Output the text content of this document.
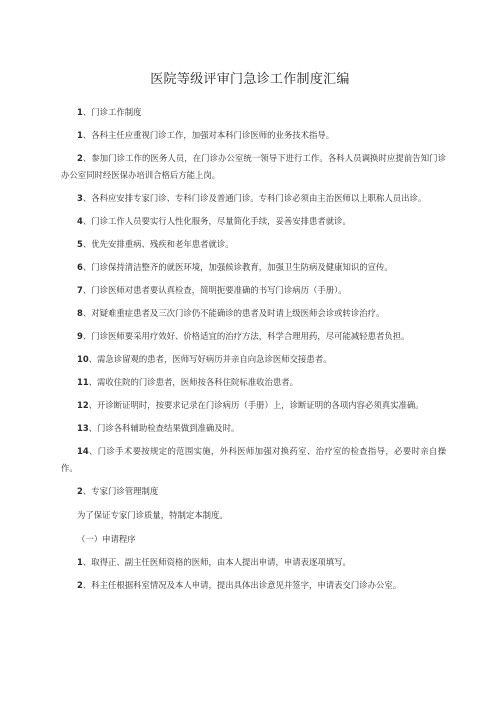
医院等级评审门急诊工作制度汇编

1、门诊工作制度

1、各科主任应重视门诊工作，加强对本科门诊医师的业务技术指导。

2、参加门诊工作的医务人员，在门诊办公室统一领导下进行工作。各科人员调换时应提前告知门诊办公室同时经医保办培训合格后方能上岗。

3、各科应安排专家门诊、专科门诊及普通门诊。专科门诊必须由主治医师以上职称人员出诊。

4、门诊工作人员要实行人性化服务，尽量简化手续，妥善安排患者就诊。

5、优先安排重病、残疾和老年患者就诊。

6、门诊保持清洁整齐的就医环境，加强候诊教育，加强卫生防病及健康知识的宣传。

7、门诊医师对患者要认真检查，简明扼要准确的书写门诊病历（手册）。

8、对疑难重症患者及三次门诊仍不能确诊的患者及时请上级医师会诊或转诊治疗。

9、门诊医师要采用疗效好、价格适宜的治疗方法，科学合理用药，尽可能减轻患者负担。

10、需急诊留观的患者，医师写好病历并亲自向急诊医师交接患者。

11、需收住院的门诊患者，医师按各科住院标准收治患者。

12、开诊断证明时，按要求记录在门诊病历（手册）上，诊断证明的各项内容必须真实准确。

13、门诊各科辅助检查结果做到准确及时。

14、门诊手术要按规定的范围实施，外科医师加强对换药室、治疗室的检查指导，必要时亲自操作。

2、专家门诊管理制度

为了保证专家门诊质量，特制定本制度。

（一）申请程序

1、取得正、副主任医师资格的医师，由本人提出申请，申请表逐项填写。

2、科主任根据科室情况及本人申请，提出具体出诊意见并签字，申请表交门诊办公室。
